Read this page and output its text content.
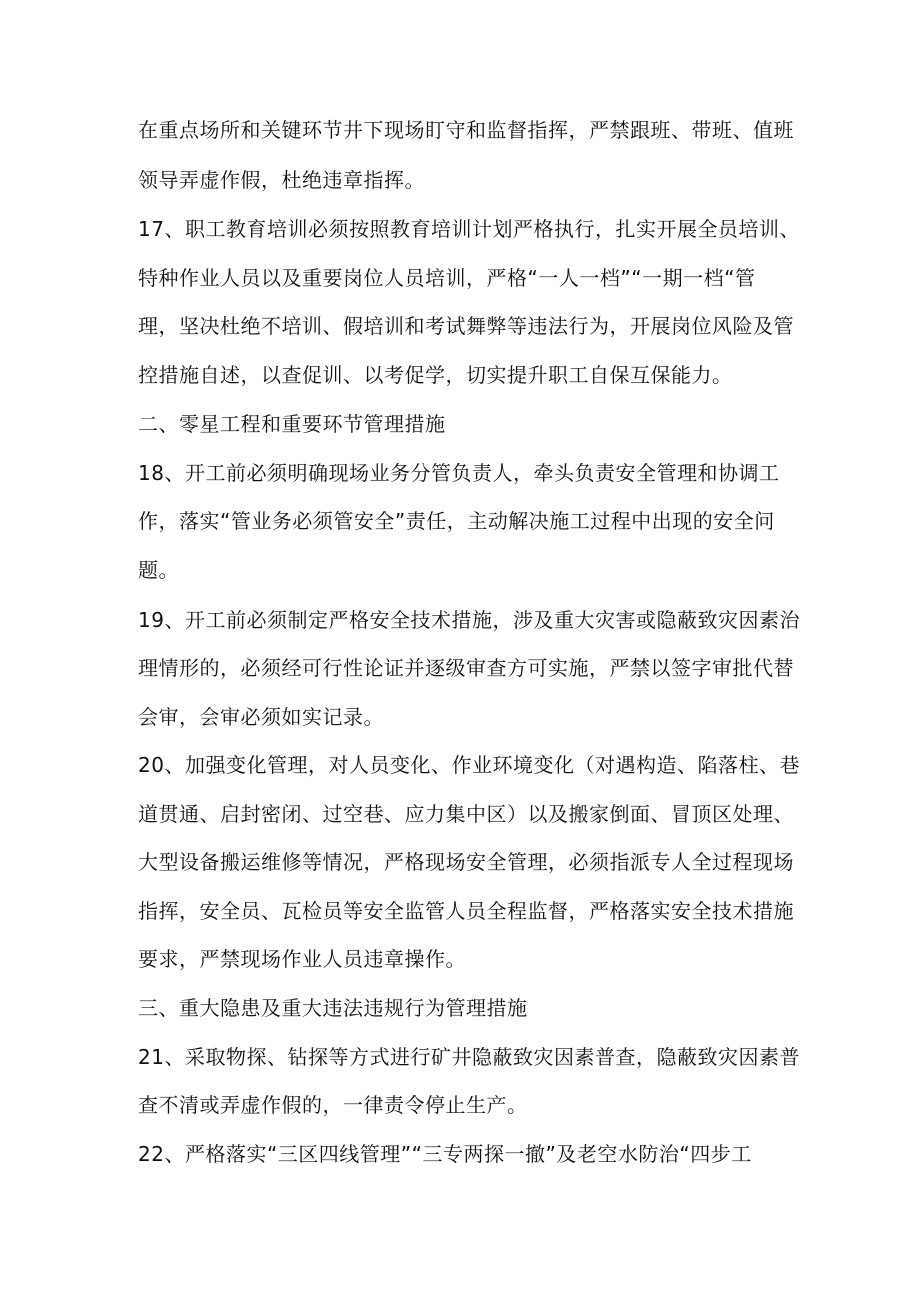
在重点场所和关键环节井下现场盯守和监督指挥，严禁跟班、带班、值班
领导弄虚作假，杜绝违章指挥。
17、职工教育培训必须按照教育培训计划严格执行，扎实开展全员培训、
特种作业人员以及重要岗位人员培训，严格“一人一档”“一期一档“管
理，坚决杜绝不培训、假培训和考试舞弊等违法行为，开展岗位风险及管
控措施自述，以查促训、以考促学，切实提升职工自保互保能力。
二、零星工程和重要环节管理措施
18、开工前必须明确现场业务分管负责人，牵头负责安全管理和协调工
作，落实“管业务必须管安全”责任，主动解决施工过程中出现的安全问
题。
19、开工前必须制定严格安全技术措施，涉及重大灾害或隐蔽致灾因素治
理情形的，必须经可行性论证并逐级审查方可实施，严禁以签字审批代替
会审，会审必须如实记录。
20、加强变化管理，对人员变化、作业环境变化（对遇构造、陷落柱、巷
道贯通、启封密闭、过空巷、应力集中区）以及搬家倒面、冒顶区处理、
大型设备搬运维修等情况，严格现场安全管理，必须指派专人全过程现场
指挥，安全员、瓦检员等安全监管人员全程监督，严格落实安全技术措施
要求，严禁现场作业人员违章操作。
三、重大隐患及重大违法违规行为管理措施
21、采取物探、钻探等方式进行矿井隐蔽致灾因素普查，隐蔽致灾因素普
查不清或弄虚作假的，一律责令停止生产。
22、严格落实“三区四线管理”“三专两探一撤”及老空水防治“四步工
